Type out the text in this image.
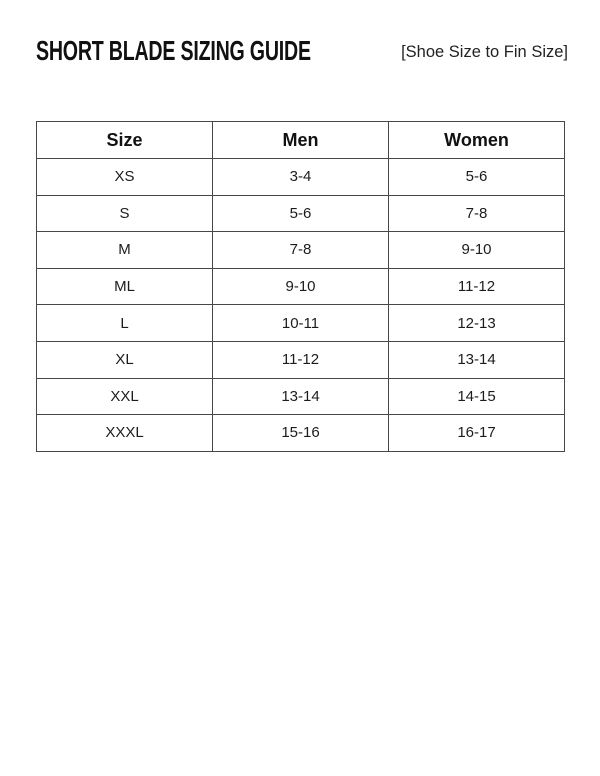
SHORT BLADE SIZING GUIDE	[Shoe Size to Fin Size]
Size	Men	Women
XS	3-4	5-6
S	5-6	7-8
M	7-8	9-10
ML	9-10	11-12
L	10-11	12-13
XL	11-12	13-14
XXL	13-14	14-15
XXXL	15-16	16-17
